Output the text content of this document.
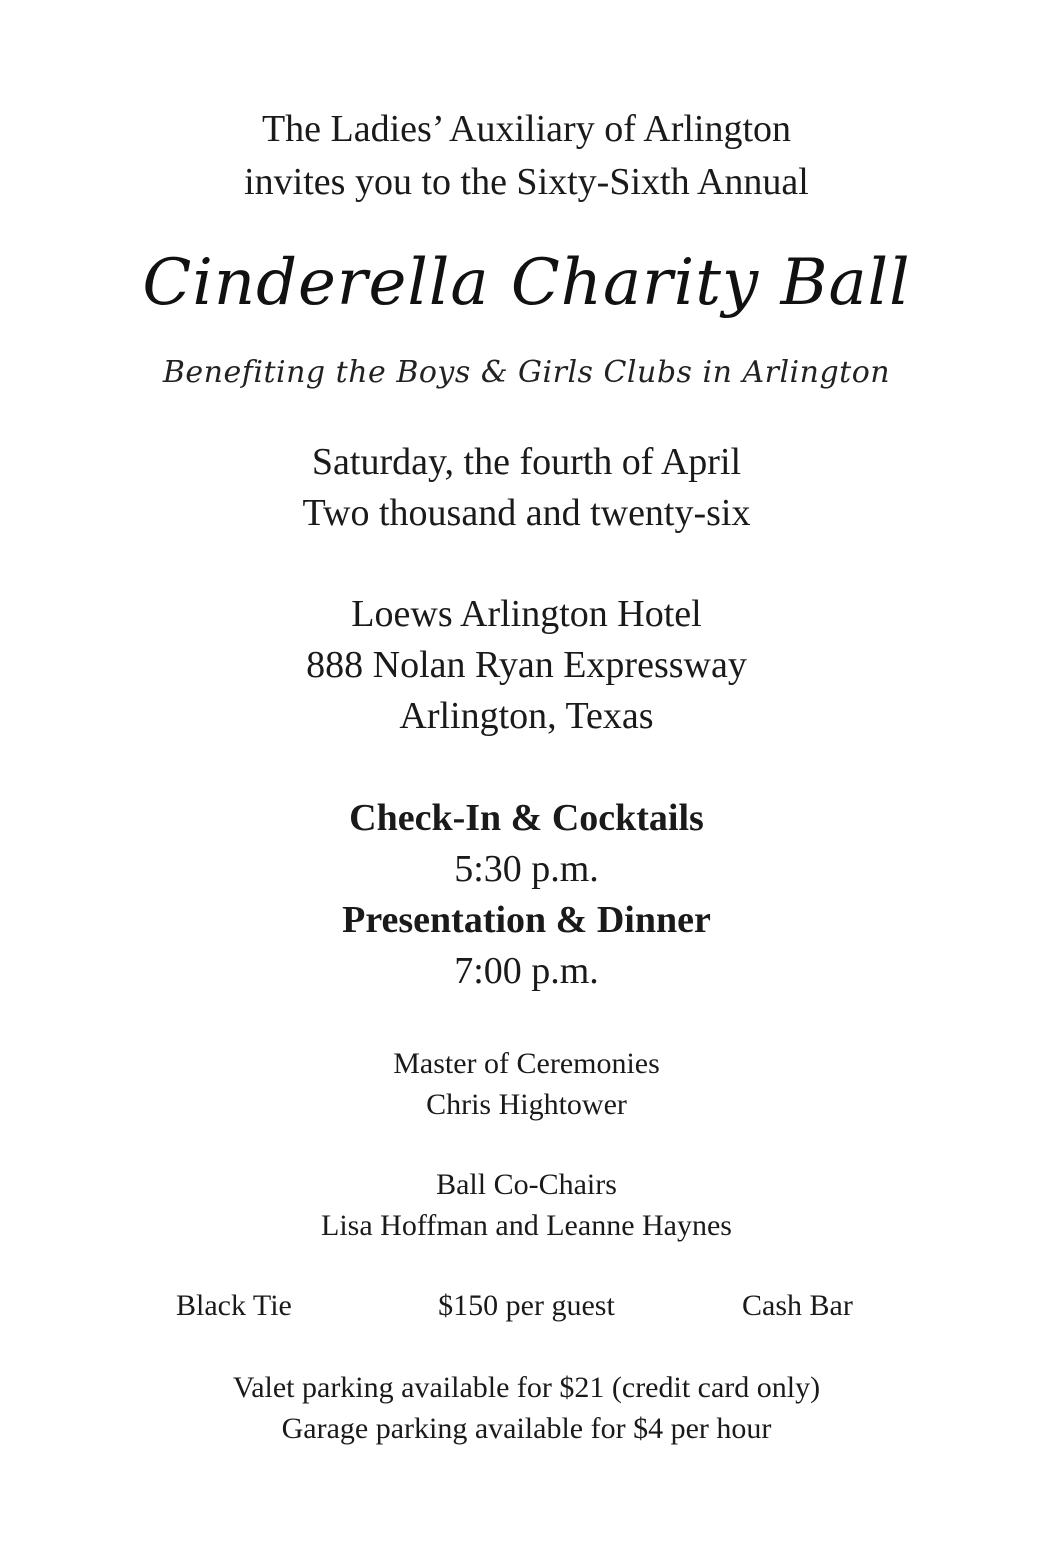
The Ladies’ Auxiliary of Arlington
invites you to the Sixty-Sixth Annual
Cinderella Charity Ball
Benefiting the Boys & Girls Clubs in Arlington
Saturday, the fourth of April
Two thousand and twenty-six
Loews Arlington Hotel
888 Nolan Ryan Expressway
Arlington, Texas
Check-In & Cocktails
5:30 p.m.
Presentation & Dinner
7:00 p.m.
Master of Ceremonies
Chris Hightower
Ball Co-Chairs
Lisa Hoffman and Leanne Haynes
Black Tie	$150 per guest	Cash Bar
Valet parking available for $21 (credit card only)
Garage parking available for $4 per hour
